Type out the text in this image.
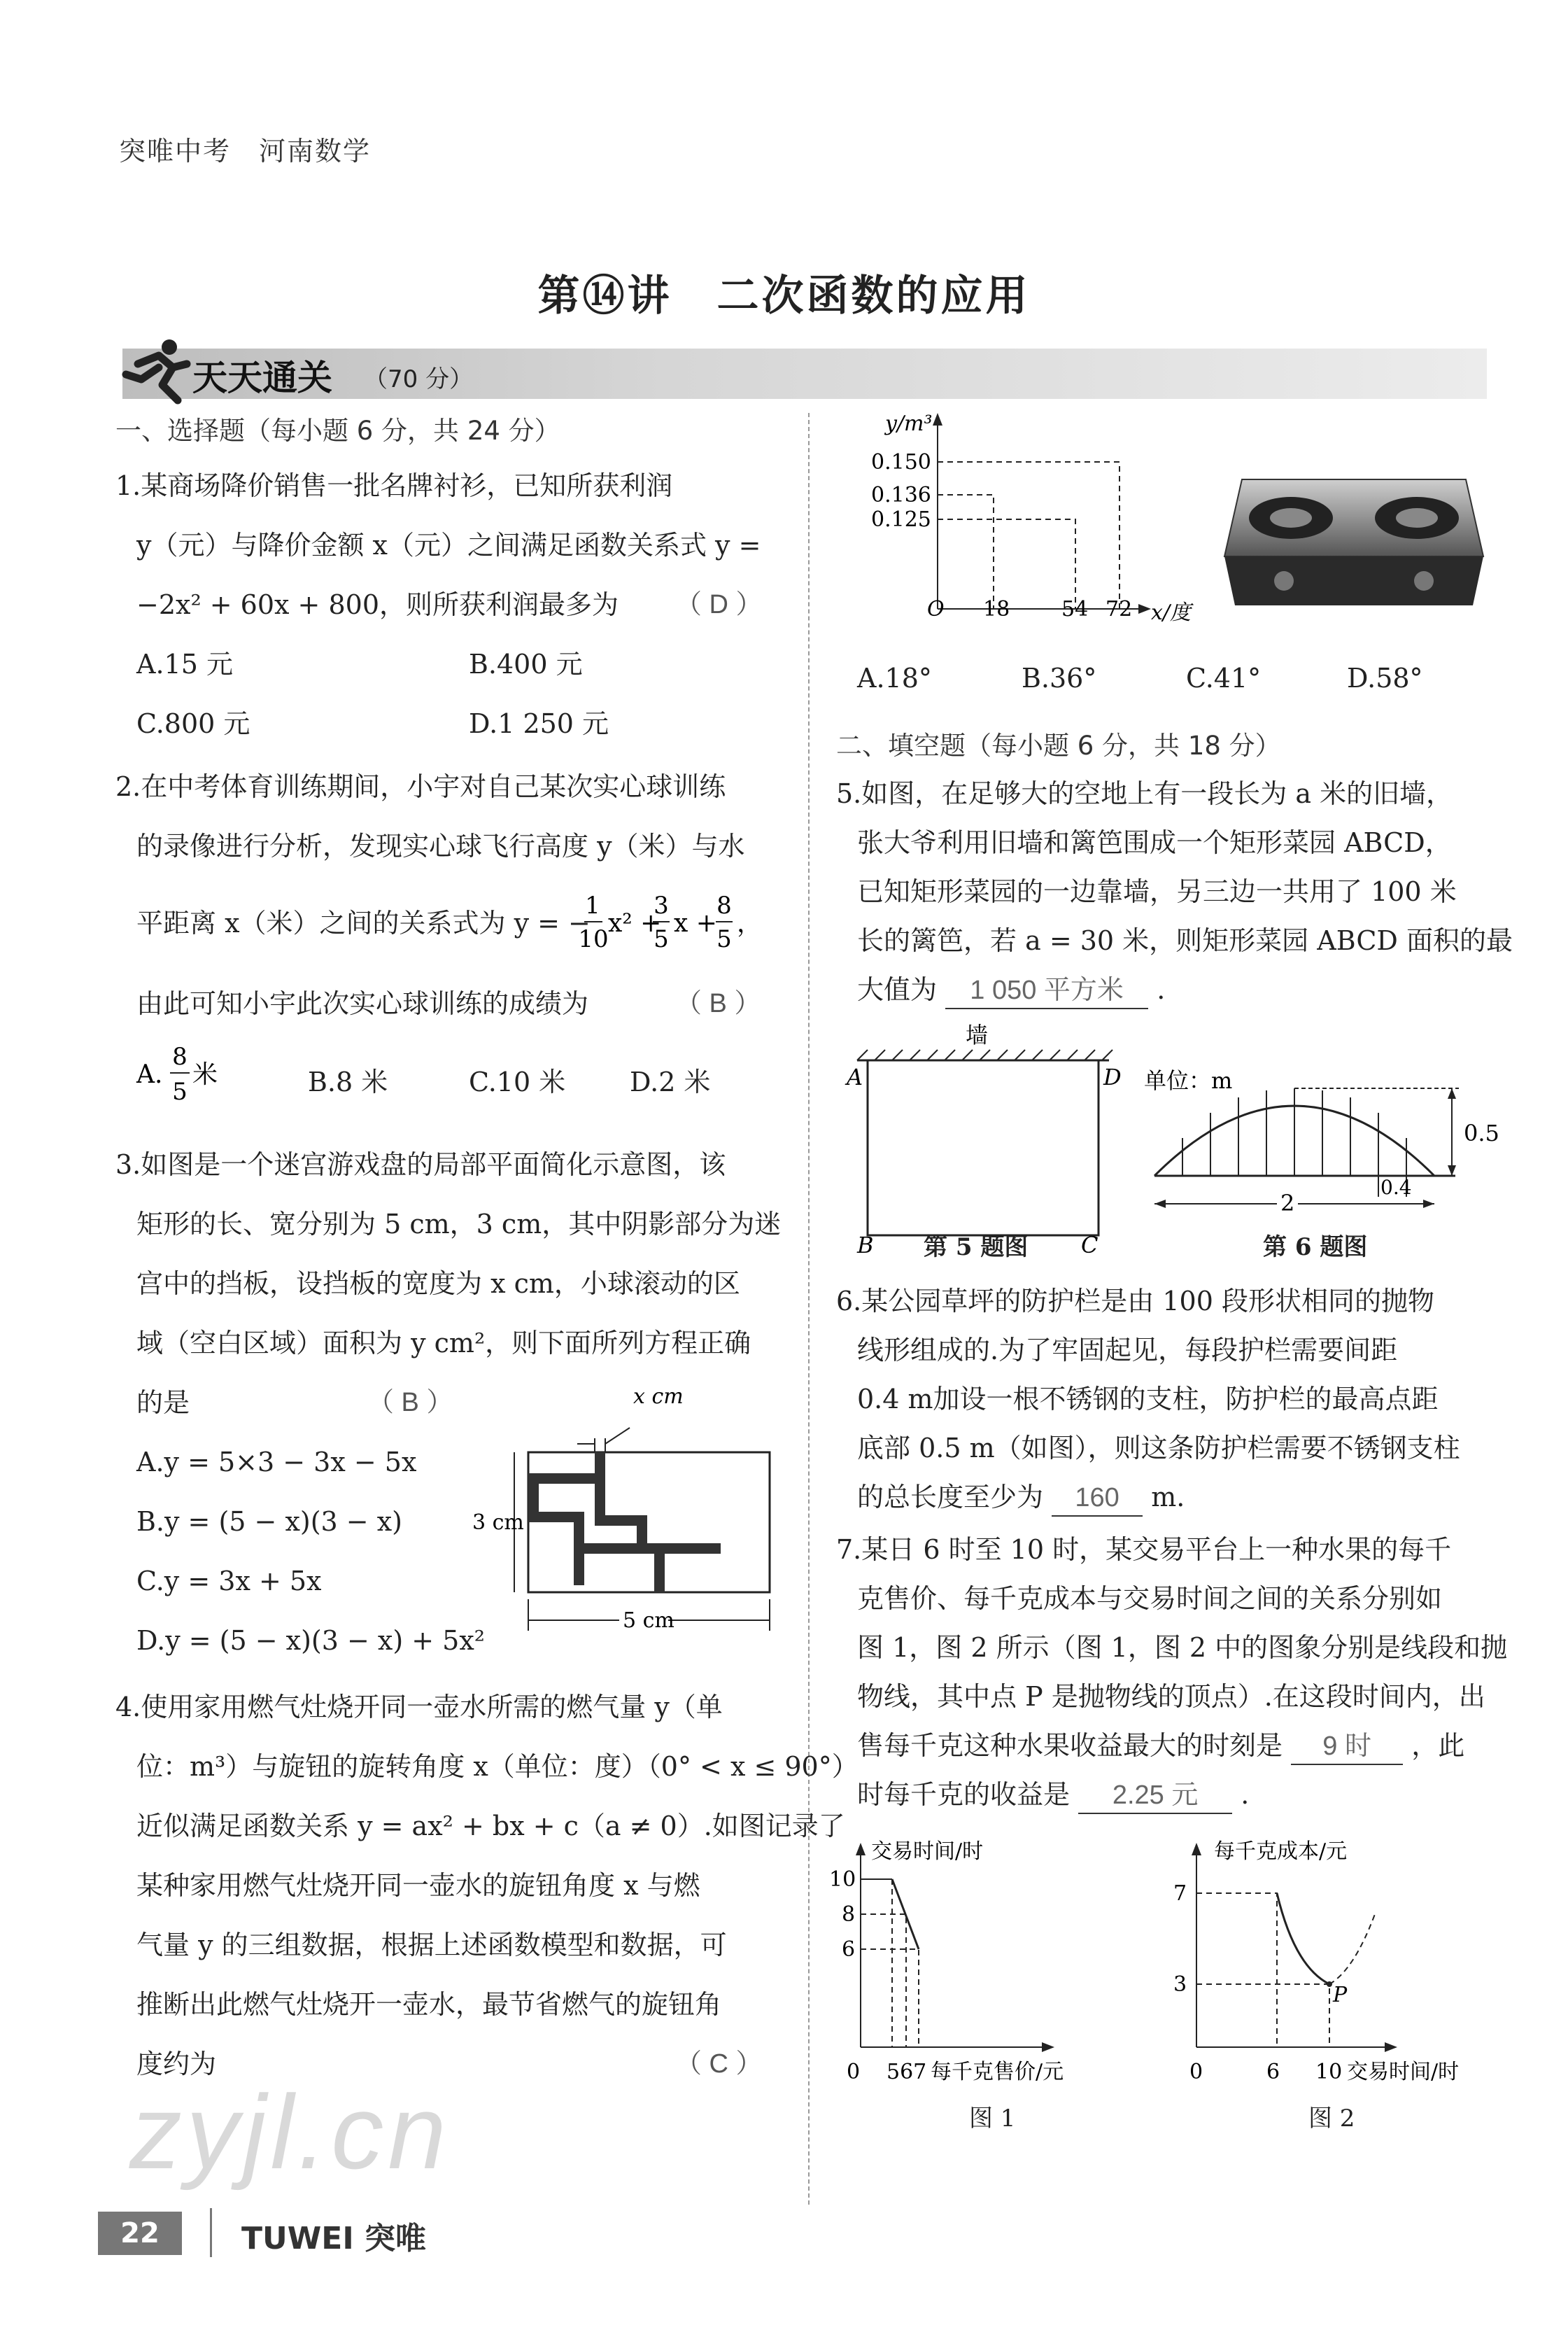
突唯中考　河南数学
第⑭讲　二次函数的应用
天天通关 （70 分）
一、选择题（每小题 6 分，共 24 分）
1.某商场降价销售一批名牌衬衫，已知所获利润
y（元）与降价金额 x（元）之间满足函数关系式 y =
−2x² + 60x + 800，则所获利润最多为 （ D ）
A.15 元	B.400 元
C.800 元	D.1 250 元
2.在中考体育训练期间，小宇对自己某次实心球训练
的录像进行分析，发现实心球飞行高度 y（米）与水
平距离 x（米）之间的关系式为 y = −
1
10
x² +
3
5
x +
8
5
，
由此可知小宇此次实心球训练的成绩为	（ B ）
A.
8
5
米	B.8 米	C.10 米 D.2 米
3.如图是一个迷宫游戏盘的局部平面简化示意图，该
矩形的长、宽分别为 5 cm，3 cm，其中阴影部分为迷
宫中的挡板，设挡板的宽度为 x cm，小球滚动的区
域（空白区域）面积为 y cm²，则下面所列方程正确
的是	（ B ）
A.y = 5×3 − 3x − 5x
B.y = (5 − x)(3 − x)
C.y = 3x + 5x
D.y = (5 − x)(3 − x) + 5x²
x cm
3 cm
5 cm
4.使用家用燃气灶烧开同一壶水所需的燃气量 y（单
位：m³）与旋钮的旋转角度 x（单位：度）（0° < x ≤ 90°）
近似满足函数关系 y = ax² + bx + c（a ≠ 0）.如图记录了
某种家用燃气灶烧开同一壶水的旋钮角度 x 与燃
气量 y 的三组数据，根据上述函数模型和数据，可
推断出此燃气灶烧开一壶水，最节省燃气的旋钮角
度约为	（ C ）
zyjl.cn
y/m³
x/度
O
0.150
0.136
0.125
18 54 72
A.18°	B.36°	C.41°	D.58°
二、填空题（每小题 6 分，共 18 分）
5.如图，在足够大的空地上有一段长为 a 米的旧墙，
张大爷利用旧墙和篱笆围成一个矩形菜园 ABCD，
已知矩形菜园的一边靠墙，另三边一共用了 100 米
长的篱笆，若 a = 30 米，则矩形菜园 ABCD 面积的最
大值为 1 050 平方米 .
墙
A	D
B	C
第 5 题图
单位：m
0.5
2
0.4
第 6 题图
6.某公园草坪的防护栏是由 100 段形状相同的抛物
线形组成的.为了牢固起见，每段护栏需要间距
0.4 m加设一根不锈钢的支柱，防护栏的最高点距
底部 0.5 m（如图），则这条防护栏需要不锈钢支柱
的总长度至少为 160 m.
7.某日 6 时至 10 时，某交易平台上一种水果的每千
克售价、每千克成本与交易时间之间的关系分别如
图 1，图 2 所示（图 1，图 2 中的图象分别是线段和抛
物线，其中点 P 是抛物线的顶点）.在这段时间内，出
售每千克这种水果收益最大的时刻是 9 时 ，此
时每千克的收益是 2.25 元 .
交易时间/时
每千克售价/元
0
10
8
6
567
图 1
每千克成本/元
交易时间/时
0
7
3
6 10
P
图 2
22	TUWEI 突唯
